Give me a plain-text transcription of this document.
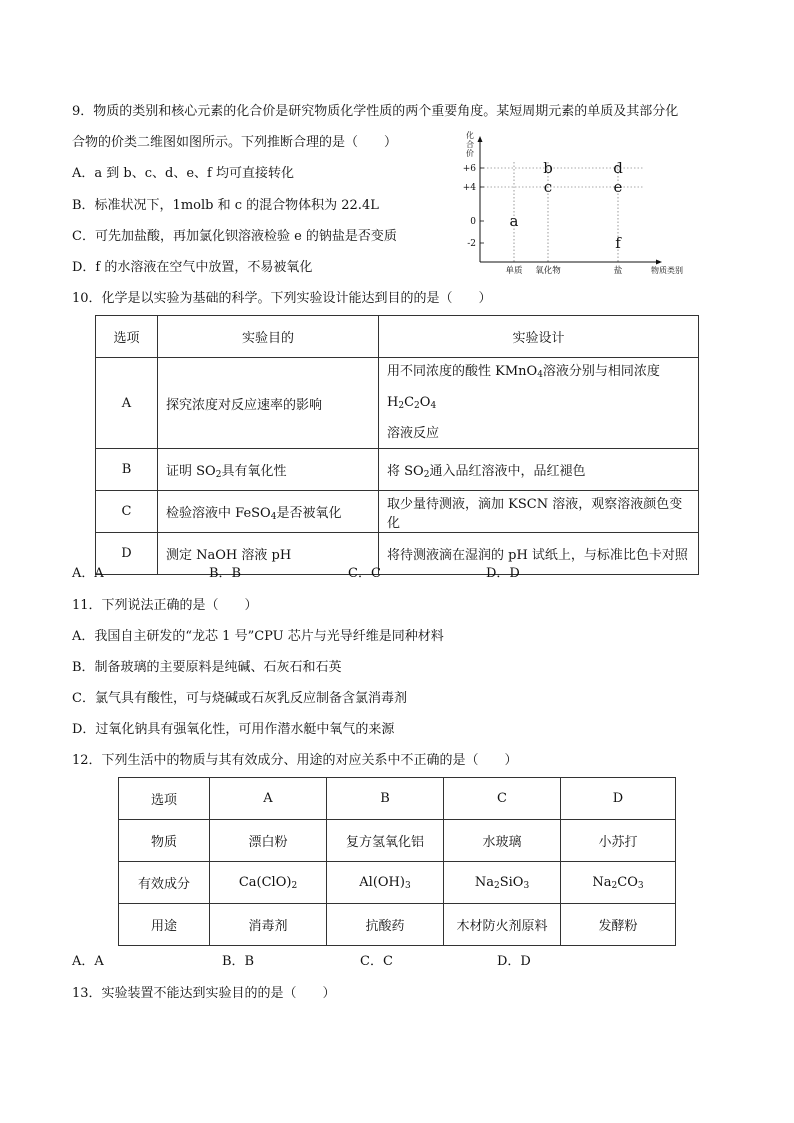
9．物质的类别和核心元素的化合价是研究物质化学性质的两个重要角度。某短周期元素的单质及其部分化
合物的价类二维图如图所示。下列推断合理的是（　　）
A．a 到 b、c、d、e、f 均可直接转化
B．标准状况下，1molb 和 c 的混合物体积为 22.4L
C．可先加盐酸，再加氯化钡溶液检验 e 的钠盐是否变质
D．f 的水溶液在空气中放置，不易被氧化
化
合
价
+6
+4
0
-2
单质 氧化物	盐
a
b
c
d
e
f
物质类别
10．化学是以实验为基础的科学。下列实验设计能达到目的的是（　　）
选项	实验目的	实验设计
A	探究浓度对反应速率的影响	用不同浓度的酸性 KMnO$_4$溶液分别与相同浓度 $H_2C_2O_4$
溶液反应
B	证明 $SO_2$具有氧化性	将 $SO_2$通入品红溶液中，品红褪色
C	检验溶液中 FeSO$_4$是否被氧化	取少量待测液，滴加 KSCN 溶液，观察溶液颜色变化
D	测定 NaOH 溶液 pH	将待测液滴在湿润的 pH 试纸上，与标准比色卡对照
A．A	B．B	C．C	D．D
11．下列说法正确的是（　　）
A．我国自主研发的“龙芯 1 号”CPU 芯片与光导纤维是同种材料
B．制备玻璃的主要原料是纯碱、石灰石和石英
C．氯气具有酸性，可与烧碱或石灰乳反应制备含氯消毒剂
D．过氧化钠具有强氧化性，可用作潜水艇中氧气的来源
12．下列生活中的物质与其有效成分、用途的对应关系中不正确的是（　　）
选项	A	B	C	D
物质	漂白粉	复方氢氧化铝	水玻璃	小苏打
有效成分	$Ca(ClO)_2$	$Al(OH)_3$	$Na_2SiO_3$	$Na_2CO_3$
用途	消毒剂	抗酸药	木材防火剂原料	发酵粉
A．A	B．B	C．C	D．D
13．实验装置不能达到实验目的的是（　　）
